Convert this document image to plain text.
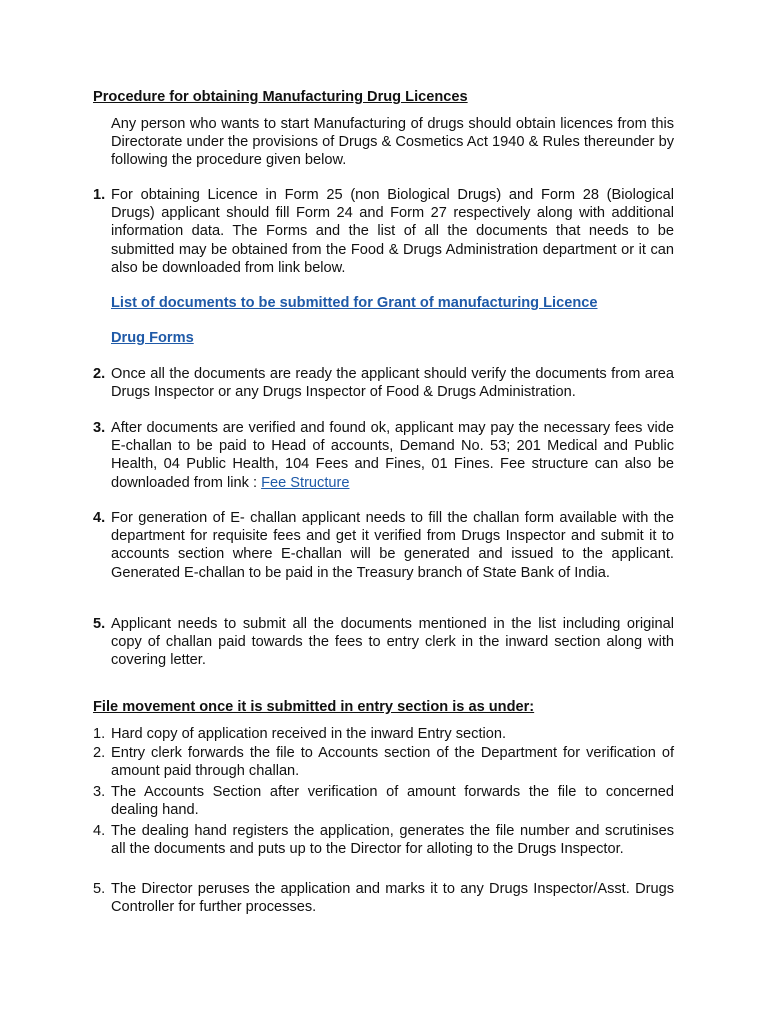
Procedure for obtaining Manufacturing Drug Licences
Any person who wants to start Manufacturing of drugs should obtain licences from this Directorate under the provisions of Drugs & Cosmetics Act 1940 & Rules thereunder by following the procedure given below.
1. For obtaining Licence in Form 25 (non Biological Drugs) and Form 28 (Biological Drugs) applicant should fill Form 24 and Form 27 respectively along with additional information data. The Forms and the list of all the documents that needs to be submitted may be obtained from the Food & Drugs Administration department or it can also be downloaded from link below.
List of documents to be submitted for Grant of manufacturing Licence
Drug Forms
2. Once all the documents are ready the applicant should verify the documents from area Drugs Inspector or any Drugs Inspector of Food & Drugs Administration.
3. After documents are verified and found ok, applicant may pay the necessary fees vide E-challan to be paid to Head of accounts, Demand No. 53; 201 Medical and Public Health, 04 Public Health, 104 Fees and Fines, 01 Fines. Fee structure can also be downloaded from link : Fee Structure
4. For generation of E- challan applicant needs to fill the challan form available with the department for requisite fees and get it verified from Drugs Inspector and submit it to accounts section where E-challan will be generated and issued to the applicant. Generated E-challan to be paid in the Treasury branch of State Bank of India.
5. Applicant needs to submit all the documents mentioned in the list including original copy of challan paid towards the fees to entry clerk in the inward section along with covering letter.
File movement once it is submitted in entry section is as under:
1. Hard copy of application received in the inward Entry section.
2. Entry clerk forwards the file to Accounts section of the Department for verification of amount paid through challan.
3. The Accounts Section after verification of amount forwards the file to concerned dealing hand.
4. The dealing hand registers the application, generates the file number and scrutinises all the documents and puts up to the Director for alloting to the Drugs Inspector.
5. The Director peruses the application and marks it to any Drugs Inspector/Asst. Drugs Controller for further processes.
